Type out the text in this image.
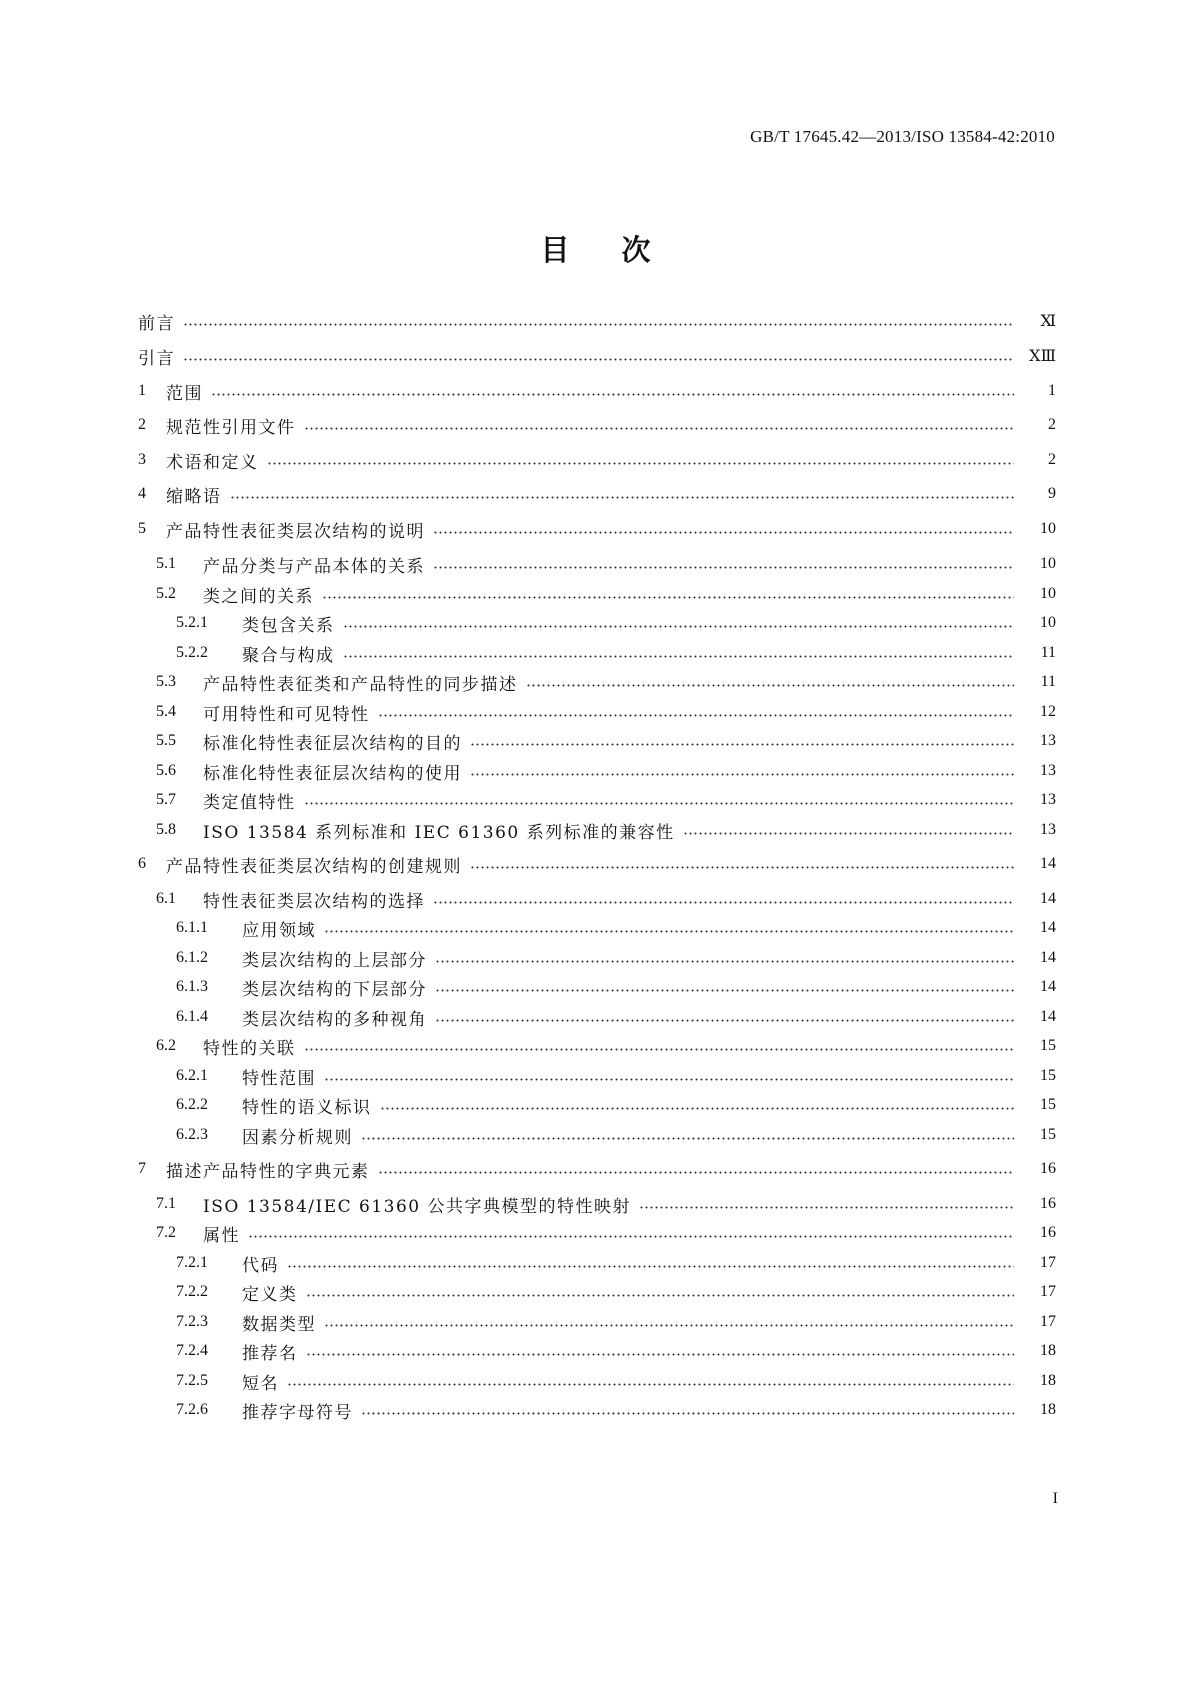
GB/T 17645.42—2013/ISO 13584-42:2010
目次
前言	Ⅺ
引言	ⅩⅢ
1	范围	1
2	规范性引用文件	2
3	术语和定义	2
4	缩略语	9
5	产品特性表征类层次结构的说明	10
5.1	产品分类与产品本体的关系	10
5.2	类之间的关系	10
5.2.1	类包含关系	10
5.2.2	聚合与构成	11
5.3	产品特性表征类和产品特性的同步描述	11
5.4	可用特性和可见特性	12
5.5	标准化特性表征层次结构的目的	13
5.6	标准化特性表征层次结构的使用	13
5.7	类定值特性	13
5.8	ISO 13584 系列标准和 IEC 61360 系列标准的兼容性	13
6	产品特性表征类层次结构的创建规则	14
6.1	特性表征类层次结构的选择	14
6.1.1	应用领域	14
6.1.2	类层次结构的上层部分	14
6.1.3	类层次结构的下层部分	14
6.1.4	类层次结构的多种视角	14
6.2	特性的关联	15
6.2.1	特性范围	15
6.2.2	特性的语义标识	15
6.2.3	因素分析规则	15
7	描述产品特性的字典元素	16
7.1	ISO 13584/IEC 61360 公共字典模型的特性映射	16
7.2	属性	16
7.2.1	代码	17
7.2.2	定义类	17
7.2.3	数据类型	17
7.2.4	推荐名	18
7.2.5	短名	18
7.2.6	推荐字母符号	18
I
